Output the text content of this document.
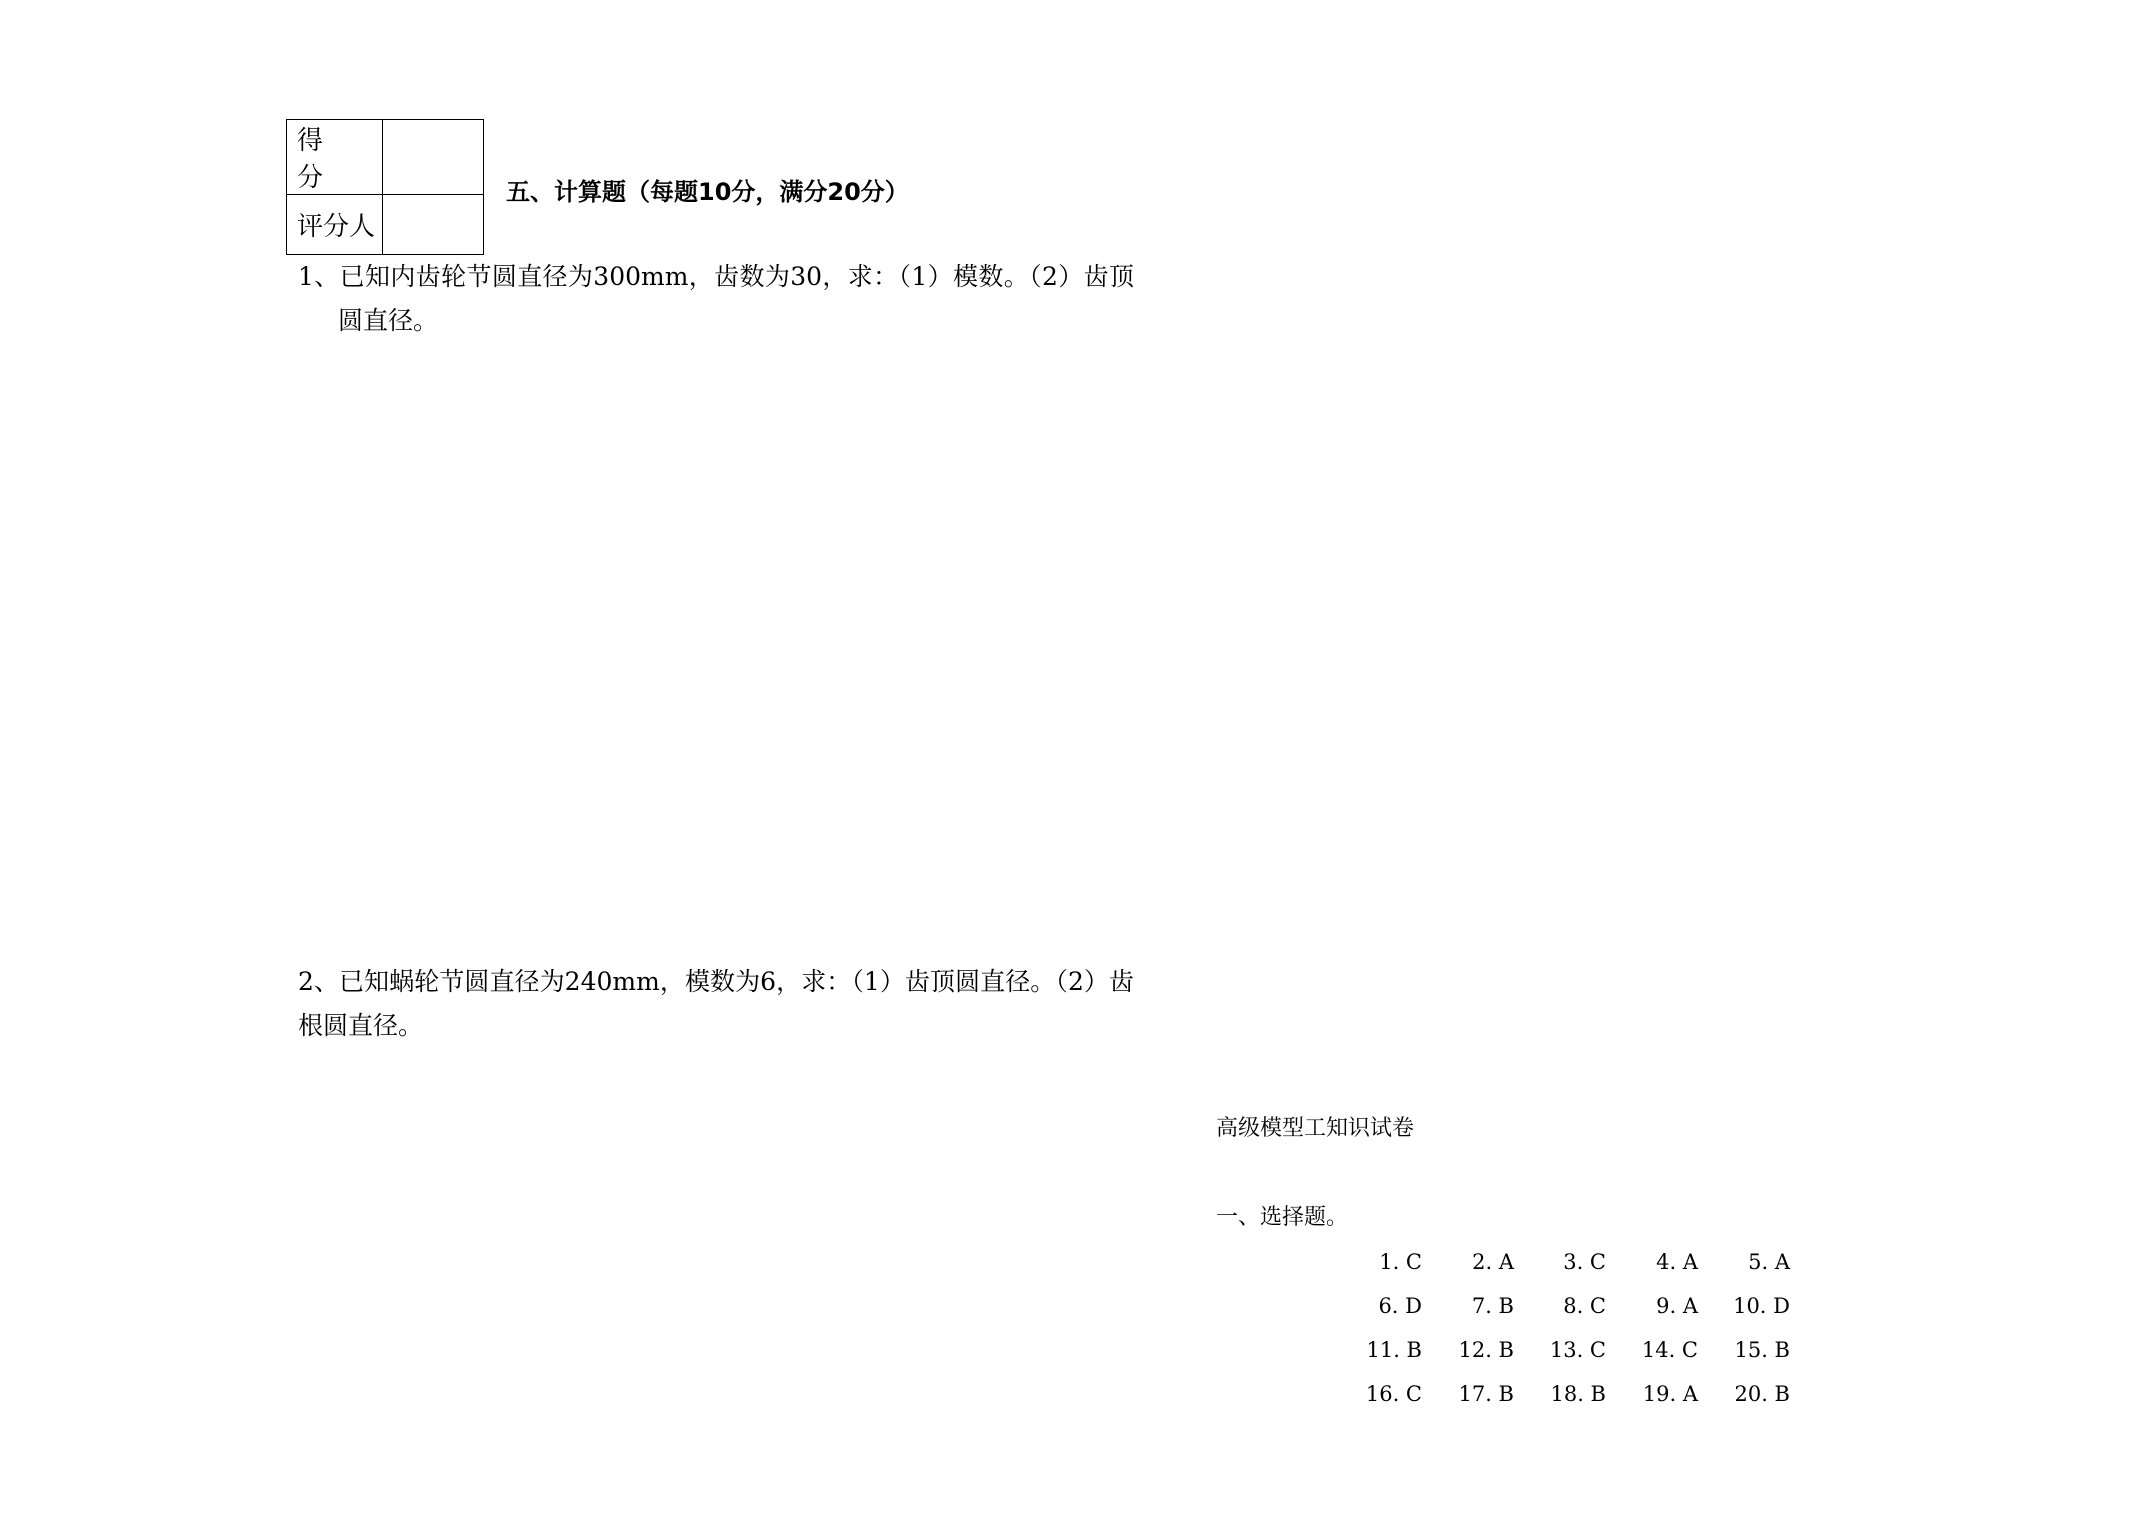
得分	
评分人	
五、计算题（每题10分，满分20分）
1、已知内齿轮节圆直径为300mm，齿数为30，求：（1）模数。（2）齿顶圆直径。
2、已知蜗轮节圆直径为240mm，模数为6，求：（1）齿顶圆直径。（2）齿根圆直径。
高级模型工知识试卷
一、选择题。
1. C	2. A	3. C	4. A	5. A
6. D	7. B	8. C	9. A	10. D
11. B	12. B	13. C	14. C	15. B
16. C	17. B	18. B	19. A	20. B
